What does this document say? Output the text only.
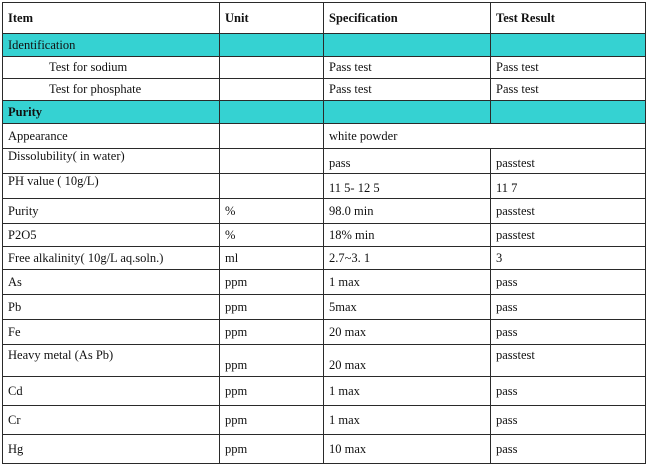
Item	Unit	Specification	Test Result
Identification			
Test for sodium		Pass test	Pass test
Test for phosphate		Pass test	Pass test
Purity			
Appearance		white powder	
Dissolubility( in water)		pass	passtest
PH value ( 10g/L)		11 5- 12 5	11 7
Purity	%	98.0 min	passtest
P2O5	%	18% min	passtest
Free alkalinity( 10g/L aq.soln.)	ml	2.7~3. 1	3
As	ppm	1 max	pass
Pb	ppm	5max	pass
Fe	ppm	20 max	pass
Heavy metal (As Pb)	ppm	20 max	passtest
Cd	ppm	1 max	pass
Cr	ppm	1 max	pass
Hg	ppm	10 max	pass
